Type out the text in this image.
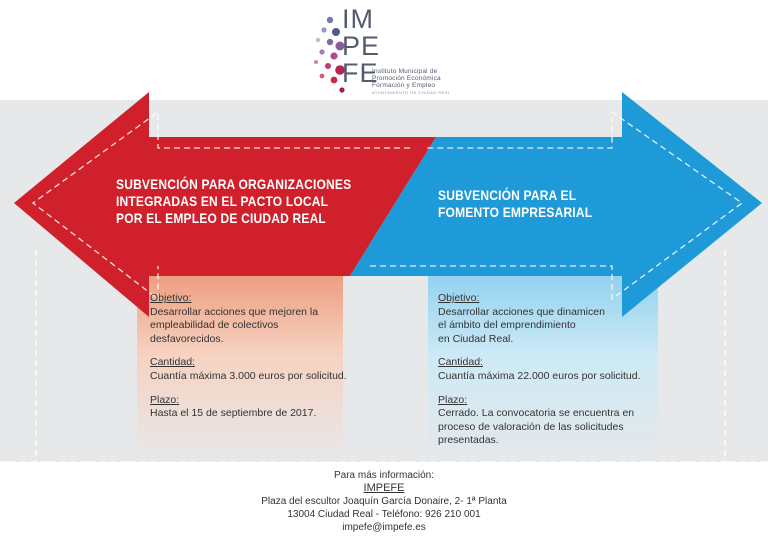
IM
PE
FE
Instituto Municipal de
Promoción Económica
Formación y Empleo
AYUNTAMIENTO DE CIUDAD REAL
SUBVENCIÓN PARA ORGANIZACIONES
INTEGRADAS EN EL PACTO LOCAL
POR EL EMPLEO DE CIUDAD REAL
SUBVENCIÓN PARA EL
FOMENTO EMPRESARIAL
Objetivo:
Desarrollar acciones que mejoren la
empleabilidad de colectivos
desfavorecidos.
Cantidad:
Cuantía máxima 3.000 euros por solicitud.
Plazo:
Hasta el 15 de septiembre de 2017.
Objetivo:
Desarrollar acciones que dinamicen
el ámbito del emprendimiento
en Ciudad Real.
Cantidad:
Cuantía máxima 22.000 euros por solicitud.
Plazo:
Cerrado. La convocatoria se encuentra en
proceso de valoración de las solicitudes
presentadas.
Para más información:
IMPEFE
Plaza del escultor Joaquín García Donaire, 2- 1ª Planta
13004 Ciudad Real - Teléfono: 926 210 001
impefe@impefe.es
